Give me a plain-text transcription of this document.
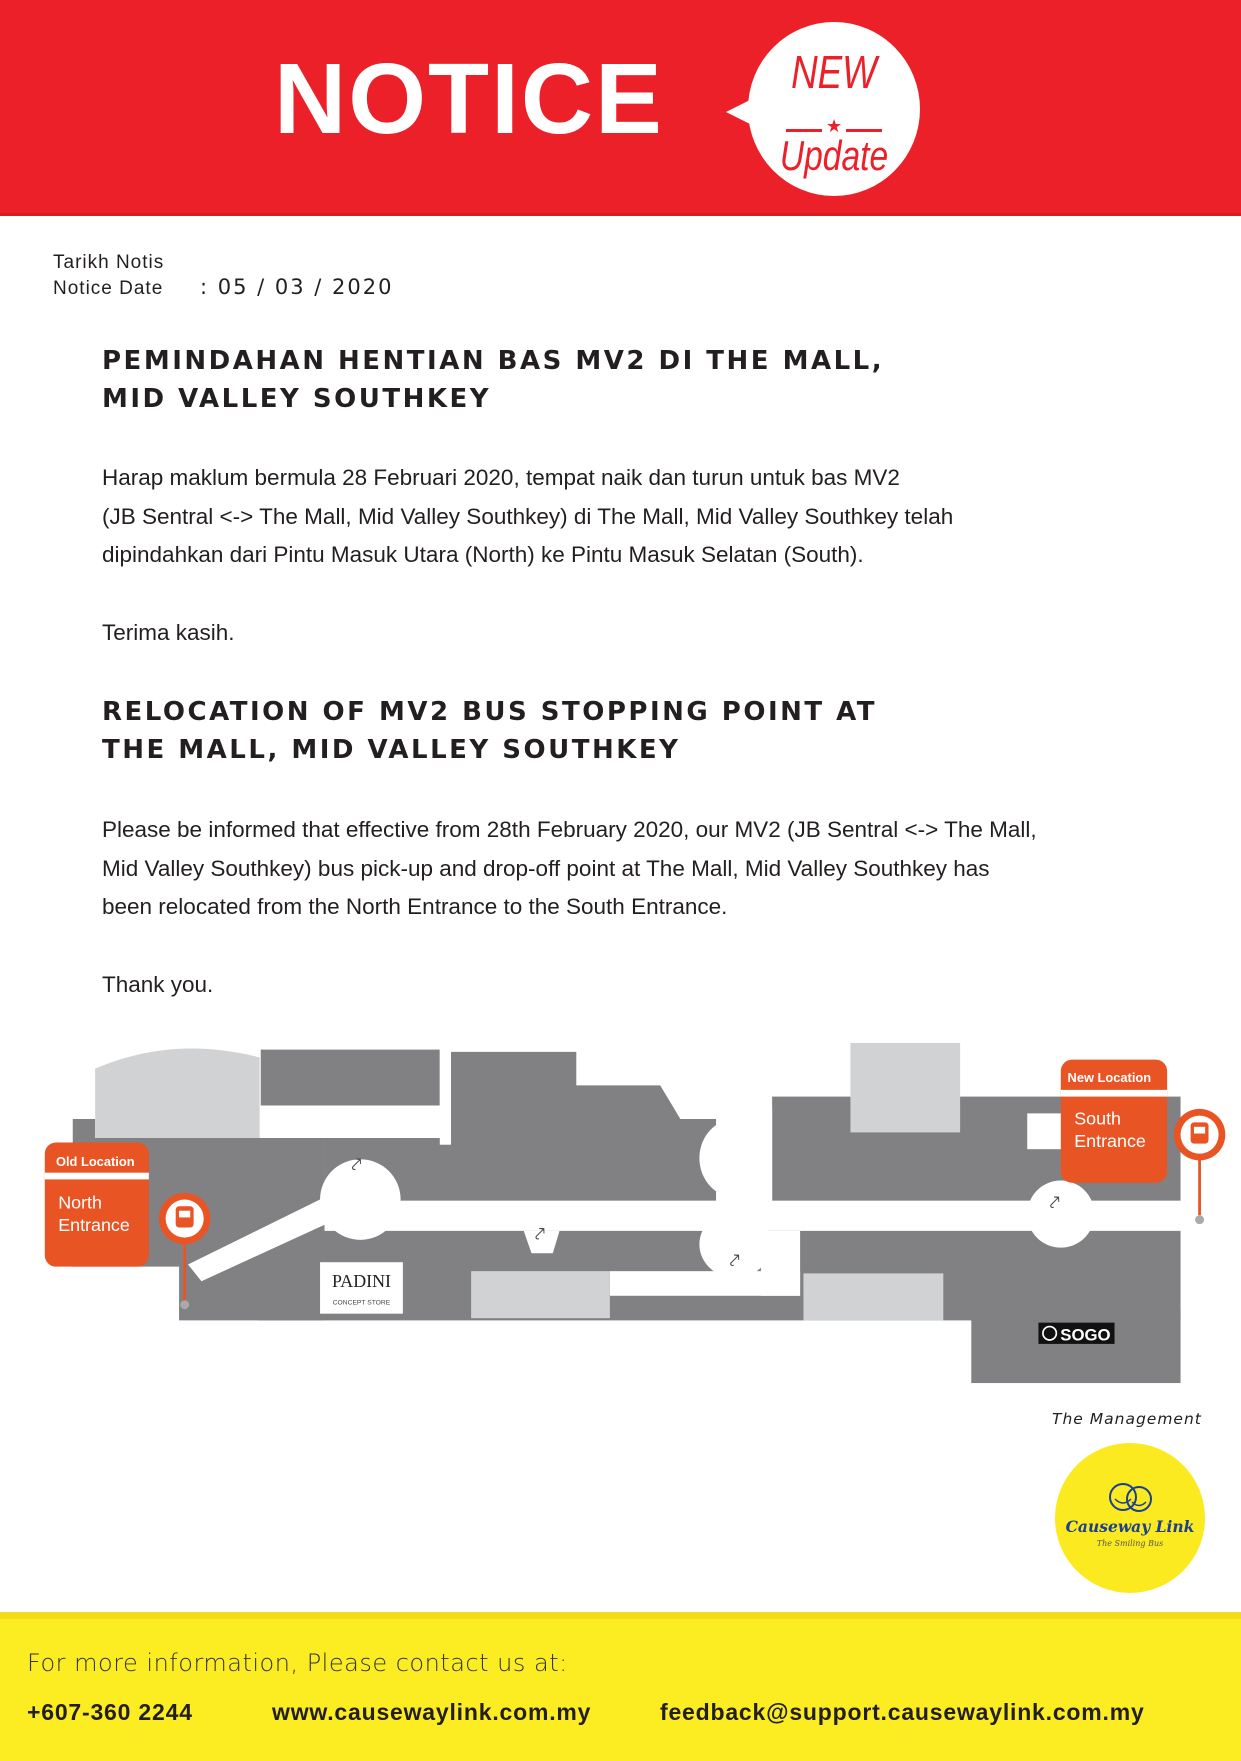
NOTICE	NEW
★
Update
Tarikh Notis
Notice Date : 05 / 03 / 2020
PEMINDAHAN HENTIAN BAS MV2 DI THE MALL,
MID VALLEY SOUTHKEY
Harap maklum bermula 28 Februari 2020, tempat naik dan turun untuk bas MV2
(JB Sentral <-> The Mall, Mid Valley Southkey) di The Mall, Mid Valley Southkey telah
dipindahkan dari Pintu Masuk Utara (North) ke Pintu Masuk Selatan (South).
Terima kasih.
RELOCATION OF MV2 BUS STOPPING POINT AT
THE MALL, MID VALLEY SOUTHKEY
Please be informed that effective from 28th February 2020, our MV2 (JB Sentral <-> The Mall,
Mid Valley Southkey) bus pick-up and drop-off point at The Mall, Mid Valley Southkey has
been relocated from the North Entrance to the South Entrance.
Thank you.
⤤
⤤
⤤
⤤
PADINI
CONCEPT STORE
SOGO
Old Location
North
Entrance
New Location
South
Entrance
The Management
Causeway Link
The Smiling Bus
For more information, Please contact us at:
+607-360 2244	www.causewaylink.com.my	feedback@support.causewaylink.com.my
